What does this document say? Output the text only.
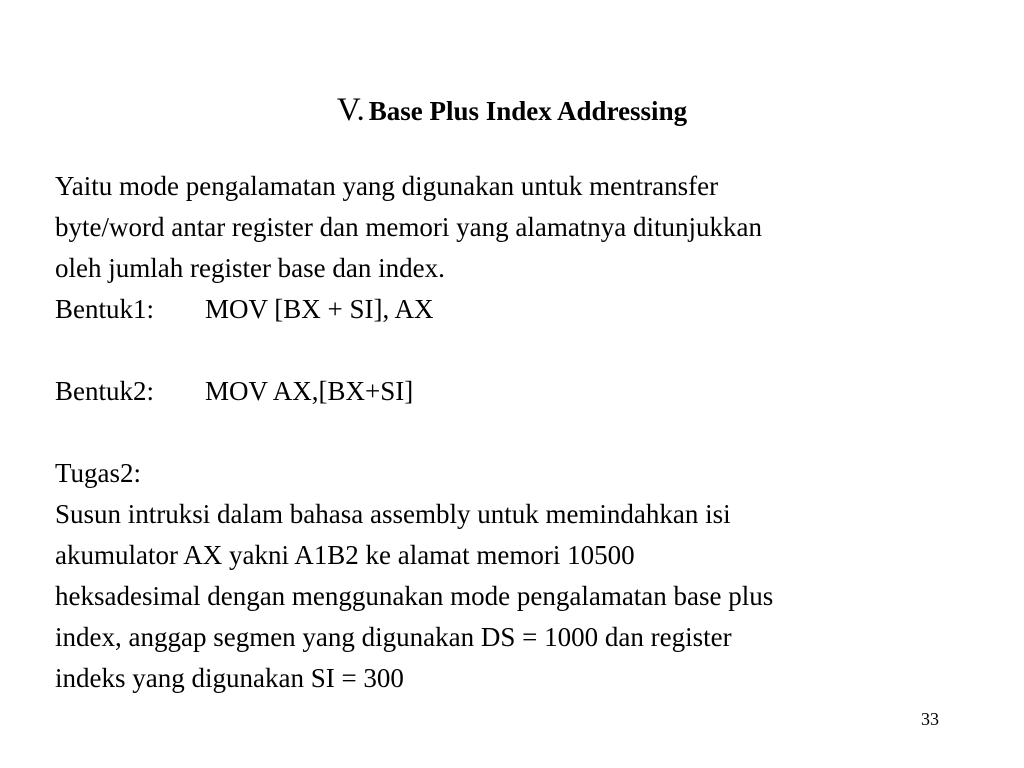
V. Base Plus Index Addressing
Yaitu mode pengalamatan yang digunakan untuk mentransfer
byte/word antar register dan memori yang alamatnya ditunjukkan
oleh jumlah register base dan index.
Bentuk1: MOV [BX + SI], AX
Bentuk2: MOV AX,[BX+SI]
Tugas2:
Susun intruksi dalam bahasa assembly untuk memindahkan isi
akumulator AX yakni A1B2 ke alamat memori 10500
heksadesimal dengan menggunakan mode pengalamatan base plus
index, anggap segmen yang digunakan DS = 1000 dan register
indeks yang digunakan SI = 300
33
